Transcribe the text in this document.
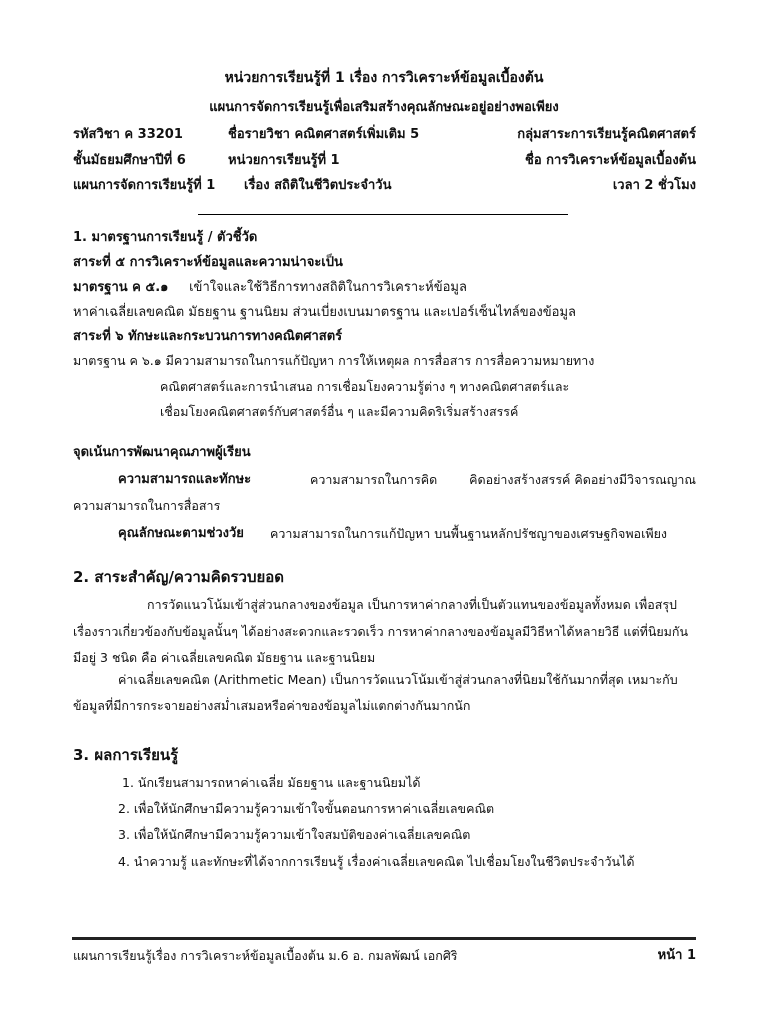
หน่วยการเรียนรู้ที่ 1 เรื่อง การวิเคราะห์ข้อมูลเบื้องต้น
แผนการจัดการเรียนรู้เพื่อเสริมสร้างคุณลักษณะอยู่อย่างพอเพียง
รหัสวิชา ค 33201	ชื่อรายวิชา คณิตศาสตร์เพิ่มเติม 5	กลุ่มสาระการเรียนรู้คณิตศาสตร์
ชั้นมัธยมศึกษาปีที่ 6	หน่วยการเรียนรู้ที่ 1	ชื่อ การวิเคราะห์ข้อมูลเบื้องต้น
แผนการจัดการเรียนรู้ที่ 1 เรื่อง สถิติในชีวิตประจำวัน	เวลา 2 ชั่วโมง
1. มาตรฐานการเรียนรู้ / ตัวชี้วัด
สาระที่ ๕ การวิเคราะห์ข้อมูลและความน่าจะเป็น
มาตรฐาน ค ๕.๑ เข้าใจและใช้วิธีการทางสถิติในการวิเคราะห์ข้อมูล
หาค่าเฉลี่ยเลขคณิต มัธยฐาน ฐานนิยม ส่วนเบี่ยงเบนมาตรฐาน และเปอร์เซ็นไทล์ของข้อมูล
สาระที่ ๖ ทักษะและกระบวนการทางคณิตศาสตร์
มาตรฐาน ค ๖.๑ มีความสามารถในการแก้ปัญหา การให้เหตุผล การสื่อสาร การสื่อความหมายทาง
คณิตศาสตร์และการนำเสนอ การเชื่อมโยงความรู้ต่าง ๆ ทางคณิตศาสตร์และ
เชื่อมโยงคณิตศาสตร์กับศาสตร์อื่น ๆ และมีความคิดริเริ่มสร้างสรรค์
จุดเน้นการพัฒนาคุณภาพผู้เรียน
ความสามารถและทักษะ	ความสามารถในการคิด	คิดอย่างสร้างสรรค์ คิดอย่างมีวิจารณญาณ
ความสามารถในการสื่อสาร
คุณลักษณะตามช่วงวัย ความสามารถในการแก้ปัญหา บนพื้นฐานหลักปรัชญาของเศรษฐกิจพอเพียง
2. สาระสำคัญ/ความคิดรวบยอด
การวัดแนวโน้มเข้าสู่ส่วนกลางของข้อมูล เป็นการหาค่ากลางที่เป็นตัวแทนของข้อมูลทั้งหมด เพื่อสรุป
เรื่องราวเกี่ยวข้องกับข้อมูลนั้นๆ ได้อย่างสะดวกและรวดเร็ว การหาค่ากลางของข้อมูลมีวิธีหาได้หลายวิธี แต่ที่นิยมกัน
มีอยู่ 3 ชนิด คือ ค่าเฉลี่ยเลขคณิต มัธยฐาน และฐานนิยม
ค่าเฉลี่ยเลขคณิต (Arithmetic Mean) เป็นการวัดแนวโน้มเข้าสู่ส่วนกลางที่นิยมใช้กันมากที่สุด เหมาะกับ
ข้อมูลที่มีการกระจายอย่างสม่ำเสมอหรือค่าของข้อมูลไม่แตกต่างกันมากนัก
3. ผลการเรียนรู้
1. นักเรียนสามารถหาค่าเฉลี่ย มัธยฐาน และฐานนิยมได้
2. เพื่อให้นักศึกษามีความรู้ความเข้าใจขั้นตอนการหาค่าเฉลี่ยเลขคณิต
3. เพื่อให้นักศึกษามีความรู้ความเข้าใจสมบัติของค่าเฉลี่ยเลขคณิต
4. นำความรู้ และทักษะที่ได้จากการเรียนรู้ เรื่องค่าเฉลี่ยเลขคณิต ไปเชื่อมโยงในชีวิตประจำวันได้
แผนการเรียนรู้เรื่อง การวิเคราะห์ข้อมูลเบื้องต้น ม.6 อ. กมลพัฒน์ เอกศิริ	หน้า 1
